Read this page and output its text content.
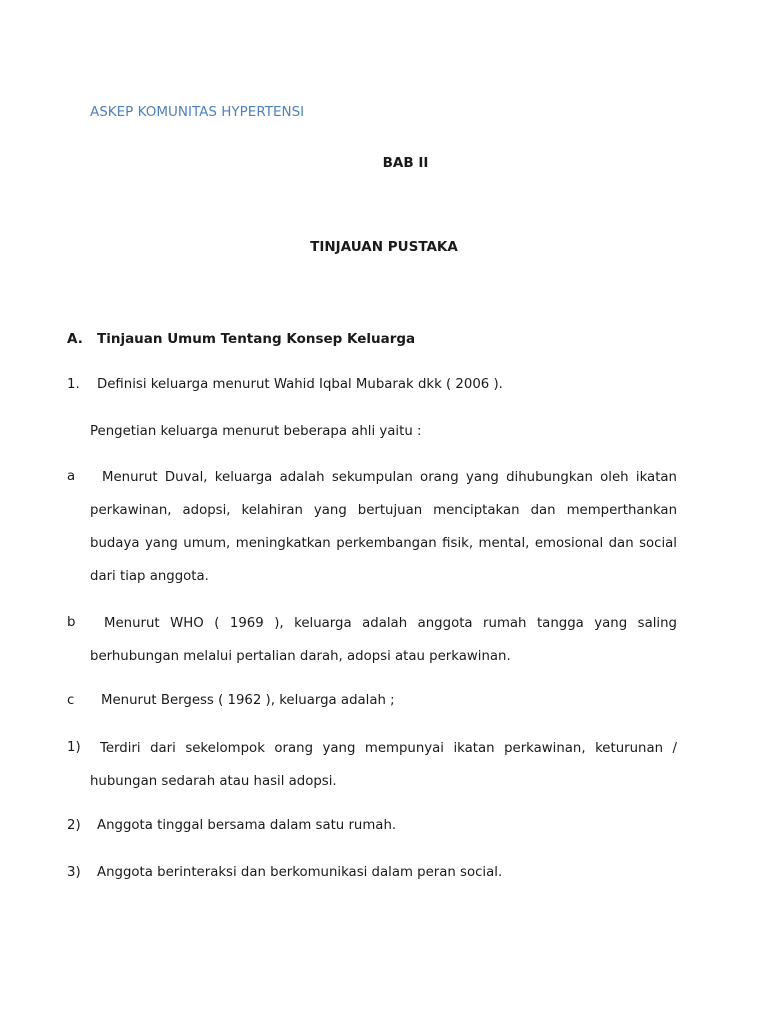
ASKEP KOMUNITAS HYPERTENSI
BAB II
TINJAUAN PUSTAKA
A. Tinjauan Umum Tentang Konsep Keluarga
1. Definisi keluarga menurut Wahid Iqbal Mubarak dkk ( 2006 ).
Pengetian keluarga menurut beberapa ahli yaitu :
a	Menurut Duval, keluarga adalah sekumpulan orang yang dihubungkan oleh ikatan perkawinan, adopsi, kelahiran yang bertujuan menciptakan dan memperthankan budaya yang umum, meningkatkan perkembangan fisik, mental, emosional dan social dari tiap anggota.
b	Menurut WHO ( 1969 ), keluarga adalah anggota rumah tangga yang saling berhubungan melalui pertalian darah, adopsi atau perkawinan.
c Menurut Bergess ( 1962 ), keluarga adalah ;
1)	Terdiri dari sekelompok orang yang mempunyai ikatan perkawinan, keturunan / hubungan sedarah atau hasil adopsi.
2) Anggota tinggal bersama dalam satu rumah.
3) Anggota berinteraksi dan berkomunikasi dalam peran social.
